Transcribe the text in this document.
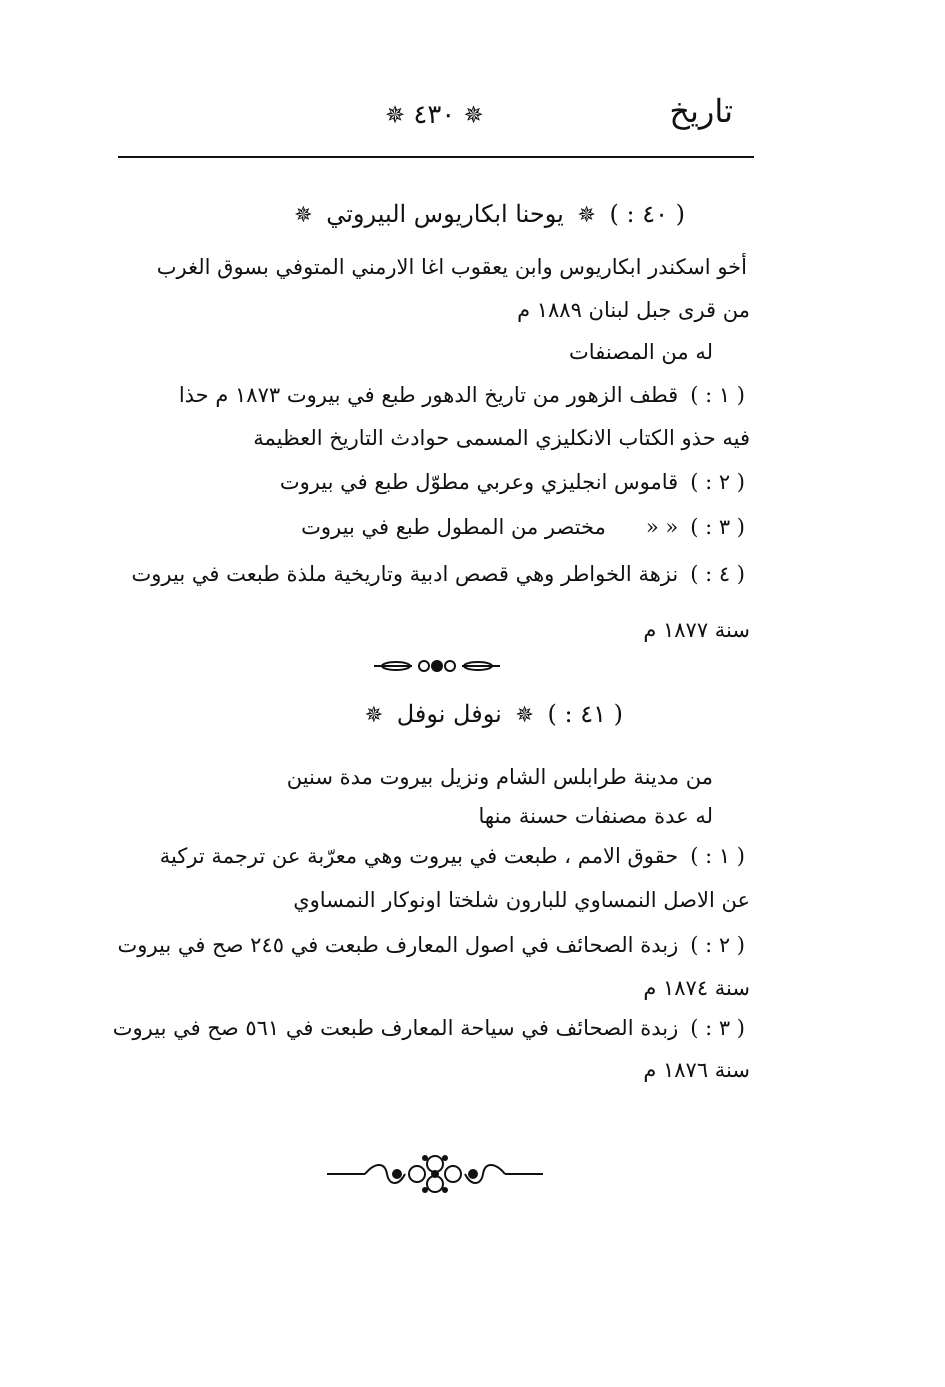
تاريخ
✵ ٤٣٠ ✵
( ٤٠ : ) ✵ يوحنا ابكاريوس البيروتي ✵
أخو اسكندر ابكاريوس وابن يعقوب اغا الارمني المتوفي بسوق الغرب
من قرى جبل لبنان ١٨٨٩ م
له من المصنفات
( ١ : )قطف الزهور من تاريخ الدهور طبع في بيروت ١٨٧٣ م حذا
فيه حذو الكتاب الانكليزي المسمى حوادث التاريخ العظيمة
( ٢ : )قاموس انجليزي وعربي مطوّل طبع في بيروت
( ٣ : )« «مختصر من المطول طبع في بيروت
( ٤ : )نزهة الخواطر وهي قصص ادبية وتاريخية ملذة طبعت في بيروت
سنة ١٨٧٧ م
( ٤١ : ) ✵ نوفل نوفل ✵
من مدينة طرابلس الشام ونزيل بيروت مدة سنين
له عدة مصنفات حسنة منها
( ١ : )حقوق الامم ، طبعت في بيروت وهي معرّبة عن ترجمة تركية
عن الاصل النمساوي للبارون شلختا اونوكار النمساوي
( ٢ : )زبدة الصحائف في اصول المعارف طبعت في ٢٤٥ صح في بيروت
سنة ١٨٧٤ م
( ٣ : )زبدة الصحائف في سياحة المعارف طبعت في ٥٦١ صح في بيروت
سنة ١٨٧٦ م
